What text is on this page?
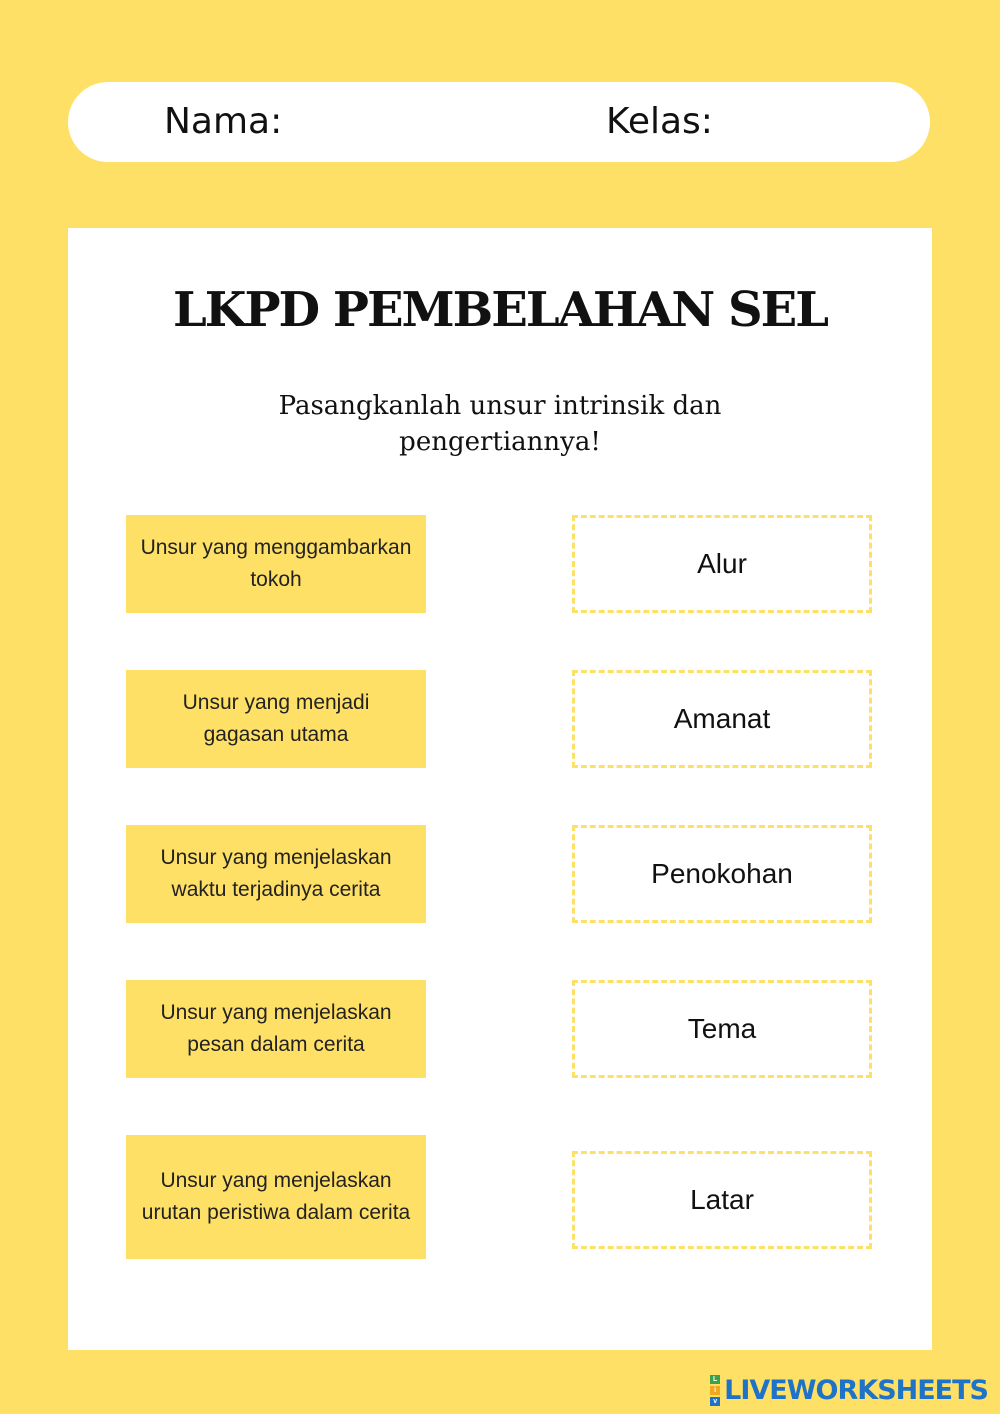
Nama:	Kelas:
LKPD PEMBELAHAN SEL
Pasangkanlah unsur intrinsik dan pengertiannya!
Unsur yang menggambarkan tokoh
Unsur yang menjadi gagasan utama
Unsur yang menjelaskan waktu terjadinya cerita
Unsur yang menjelaskan pesan dalam cerita
Unsur yang menjelaskan urutan peristiwa dalam cerita
Alur
Amanat
Penokohan
Tema
Latar
L
i
v LIVEWORKSHEETS
